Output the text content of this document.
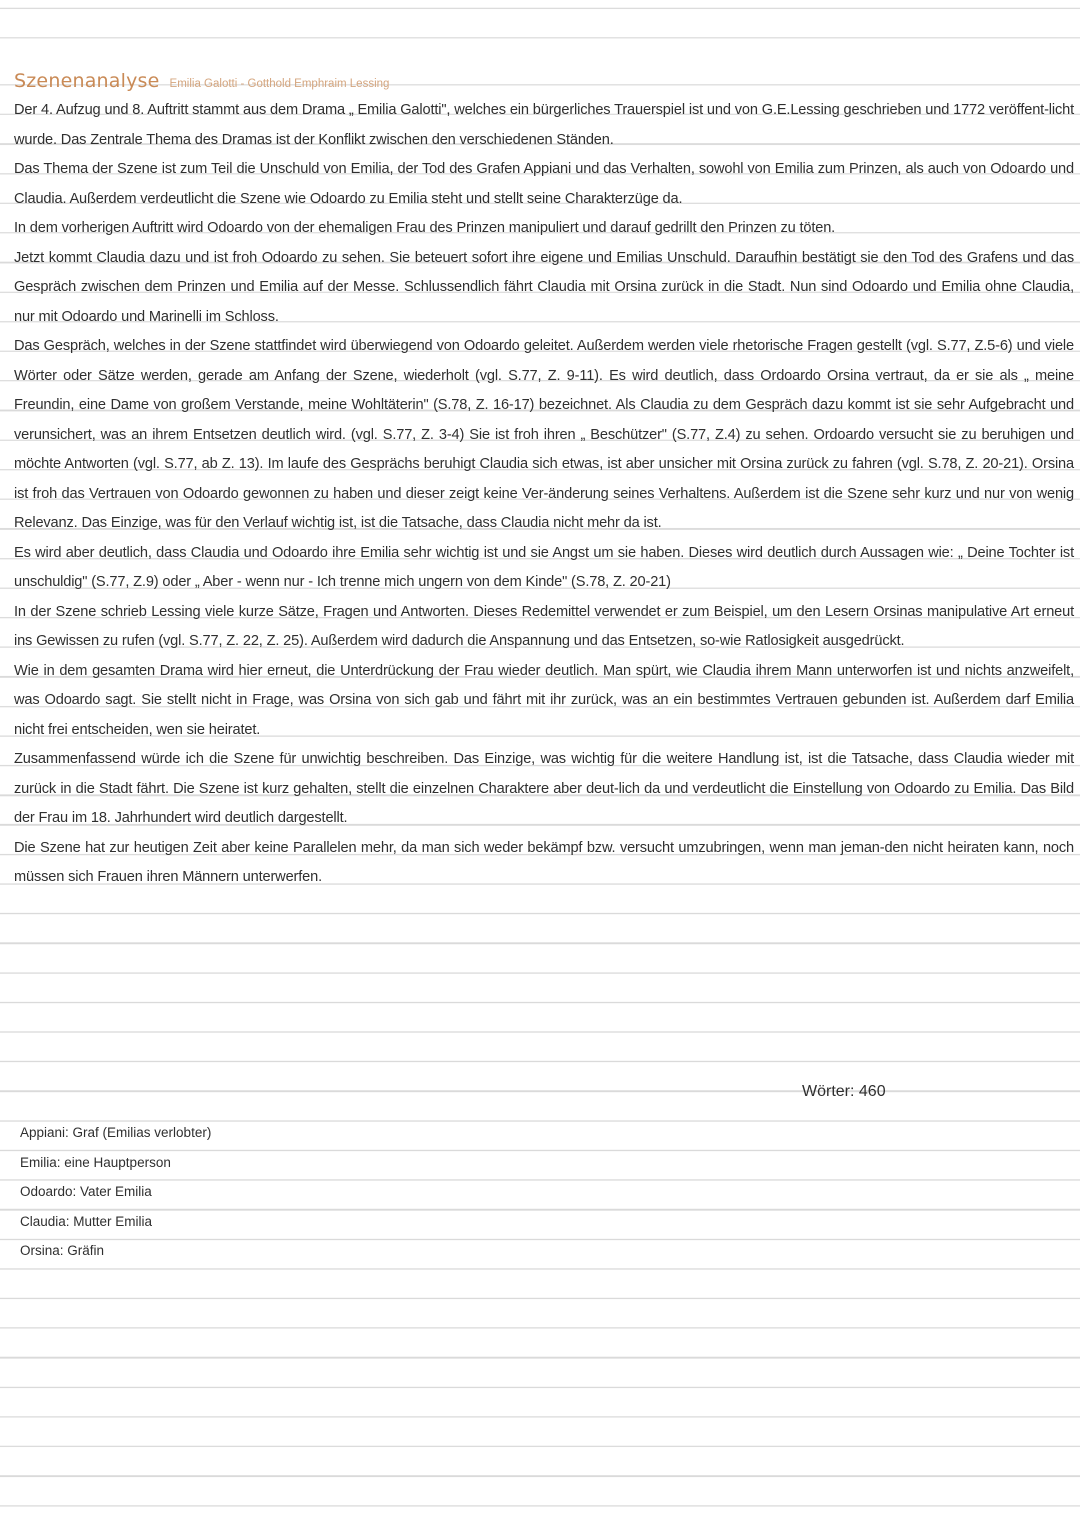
Szenenanalyse Emilia Galotti - Gotthold Emphraim Lessing

Der 4. Aufzug und 8. Auftritt stammt aus dem Drama „ Emilia Galotti", welches ein bürgerliches Trauerspiel ist und von G.E.Lessing geschrieben und 1772 veröffent-licht wurde. Das Zentrale Thema des Dramas ist der Konflikt zwischen den verschiedenen Ständen.

Das Thema der Szene ist zum Teil die Unschuld von Emilia, der Tod des Grafen Appiani und das Verhalten, sowohl von Emilia zum Prinzen, als auch von Odoardo und Claudia. Außerdem verdeutlicht die Szene wie Odoardo zu Emilia steht und stellt seine Charakterzüge da.

In dem vorherigen Auftritt wird Odoardo von der ehemaligen Frau des Prinzen manipuliert und darauf gedrillt den Prinzen zu töten.

Jetzt kommt Claudia dazu und ist froh Odoardo zu sehen. Sie beteuert sofort ihre eigene und Emilias Unschuld. Daraufhin bestätigt sie den Tod des Grafens und das Gespräch zwischen dem Prinzen und Emilia auf der Messe. Schlussendlich fährt Claudia mit Orsina zurück in die Stadt. Nun sind Odoardo und Emilia ohne Claudia, nur mit Odoardo und Marinelli im Schloss.

Das Gespräch, welches in der Szene stattfindet wird überwiegend von Odoardo geleitet. Außerdem werden viele rhetorische Fragen gestellt (vgl. S.77, Z.5-6) und viele Wörter oder Sätze werden, gerade am Anfang der Szene, wiederholt (vgl. S.77, Z. 9-11). Es wird deutlich, dass Ordoardo Orsina vertraut, da er sie als „ meine Freundin, eine Dame von großem Verstande, meine Wohltäterin" (S.78, Z. 16-17) bezeichnet. Als Claudia zu dem Gespräch dazu kommt ist sie sehr Aufgebracht und verunsichert, was an ihrem Entsetzen deutlich wird. (vgl. S.77, Z. 3-4) Sie ist froh ihren „ Beschützer" (S.77, Z.4) zu sehen. Ordoardo versucht sie zu beruhigen und möchte Antworten (vgl. S.77, ab Z. 13). Im laufe des Gesprächs beruhigt Claudia sich etwas, ist aber unsicher mit Orsina zurück zu fahren (vgl. S.78, Z. 20-21). Orsina ist froh das Vertrauen von Odoardo gewonnen zu haben und dieser zeigt keine Ver-änderung seines Verhaltens. Außerdem ist die Szene sehr kurz und nur von wenig Relevanz. Das Einzige, was für den Verlauf wichtig ist, ist die Tatsache, dass Claudia nicht mehr da ist.

Es wird aber deutlich, dass Claudia und Odoardo ihre Emilia sehr wichtig ist und sie Angst um sie haben. Dieses wird deutlich durch Aussagen wie: „ Deine Tochter ist unschuldig" (S.77, Z.9) oder „ Aber - wenn nur - Ich trenne mich ungern von dem Kinde" (S.78, Z. 20-21)

In der Szene schrieb Lessing viele kurze Sätze, Fragen und Antworten. Dieses Redemittel verwendet er zum Beispiel, um den Lesern Orsinas manipulative Art erneut ins Gewissen zu rufen (vgl. S.77, Z. 22, Z. 25). Außerdem wird dadurch die Anspannung und das Entsetzen, so-wie Ratlosigkeit ausgedrückt.

Wie in dem gesamten Drama wird hier erneut, die Unterdrückung der Frau wieder deutlich. Man spürt, wie Claudia ihrem Mann unterworfen ist und nichts anzweifelt, was Odoardo sagt. Sie stellt nicht in Frage, was Orsina von sich gab und fährt mit ihr zurück, was an ein bestimmtes Vertrauen gebunden ist. Außerdem darf Emilia nicht frei entscheiden, wen sie heiratet.

Zusammenfassend würde ich die Szene für unwichtig beschreiben. Das Einzige, was wichtig für die weitere Handlung ist, ist die Tatsache, dass Claudia wieder mit zurück in die Stadt fährt. Die Szene ist kurz gehalten, stellt die einzelnen Charaktere aber deut-lich da und verdeutlicht die Einstellung von Odoardo zu Emilia. Das Bild der Frau im 18. Jahrhundert wird deutlich dargestellt.

Die Szene hat zur heutigen Zeit aber keine Parallelen mehr, da man sich weder bekämpf bzw. versucht umzubringen, wenn man jeman-den nicht heiraten kann, noch müssen sich Frauen ihren Männern unterwerfen.

Wörter: 460
Appiani: Graf (Emilias verlobter)
Emilia: eine Hauptperson
Odoardo: Vater Emilia
Claudia: Mutter Emilia
Orsina: Gräfin
